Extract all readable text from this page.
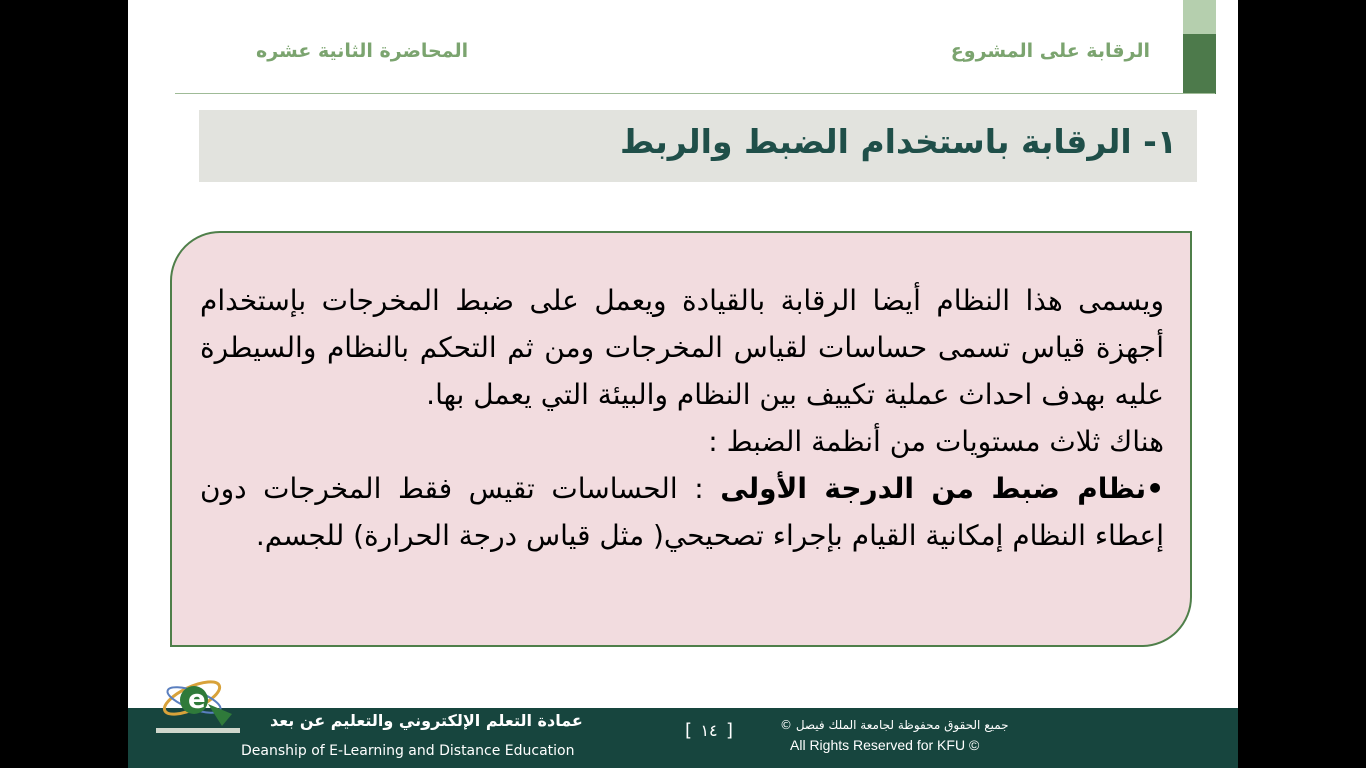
الرقابة على المشروع
المحاضرة الثانية عشره
١- الرقابة باستخدام الضبط والربط

ويسمى هذا النظام أيضا الرقابة بالقيادة ويعمل على ضبط المخرجات بإستخدام أجهزة قياس تسمى حساسات لقياس المخرجات ومن ثم التحكم بالنظام والسيطرة عليه بهدف احداث عملية تكييف بين النظام والبيئة التي يعمل بها.

هناك ثلاث مستويات من أنظمة الضبط :

•نظام ضبط من الدرجة الأولى : الحساسات تقيس فقط المخرجات دون إعطاء النظام إمكانية القيام بإجراء تصحيحي( مثل قياس درجة الحرارة) للجسم.

e
عمادة التعلم الإلكتروني والتعليم عن بعد
Deanship of E-Learning and Distance Education
[ ١٤ ]	جميع الحقوق محفوظة لجامعة الملك فيصل ©
All Rights Reserved for KFU ©
